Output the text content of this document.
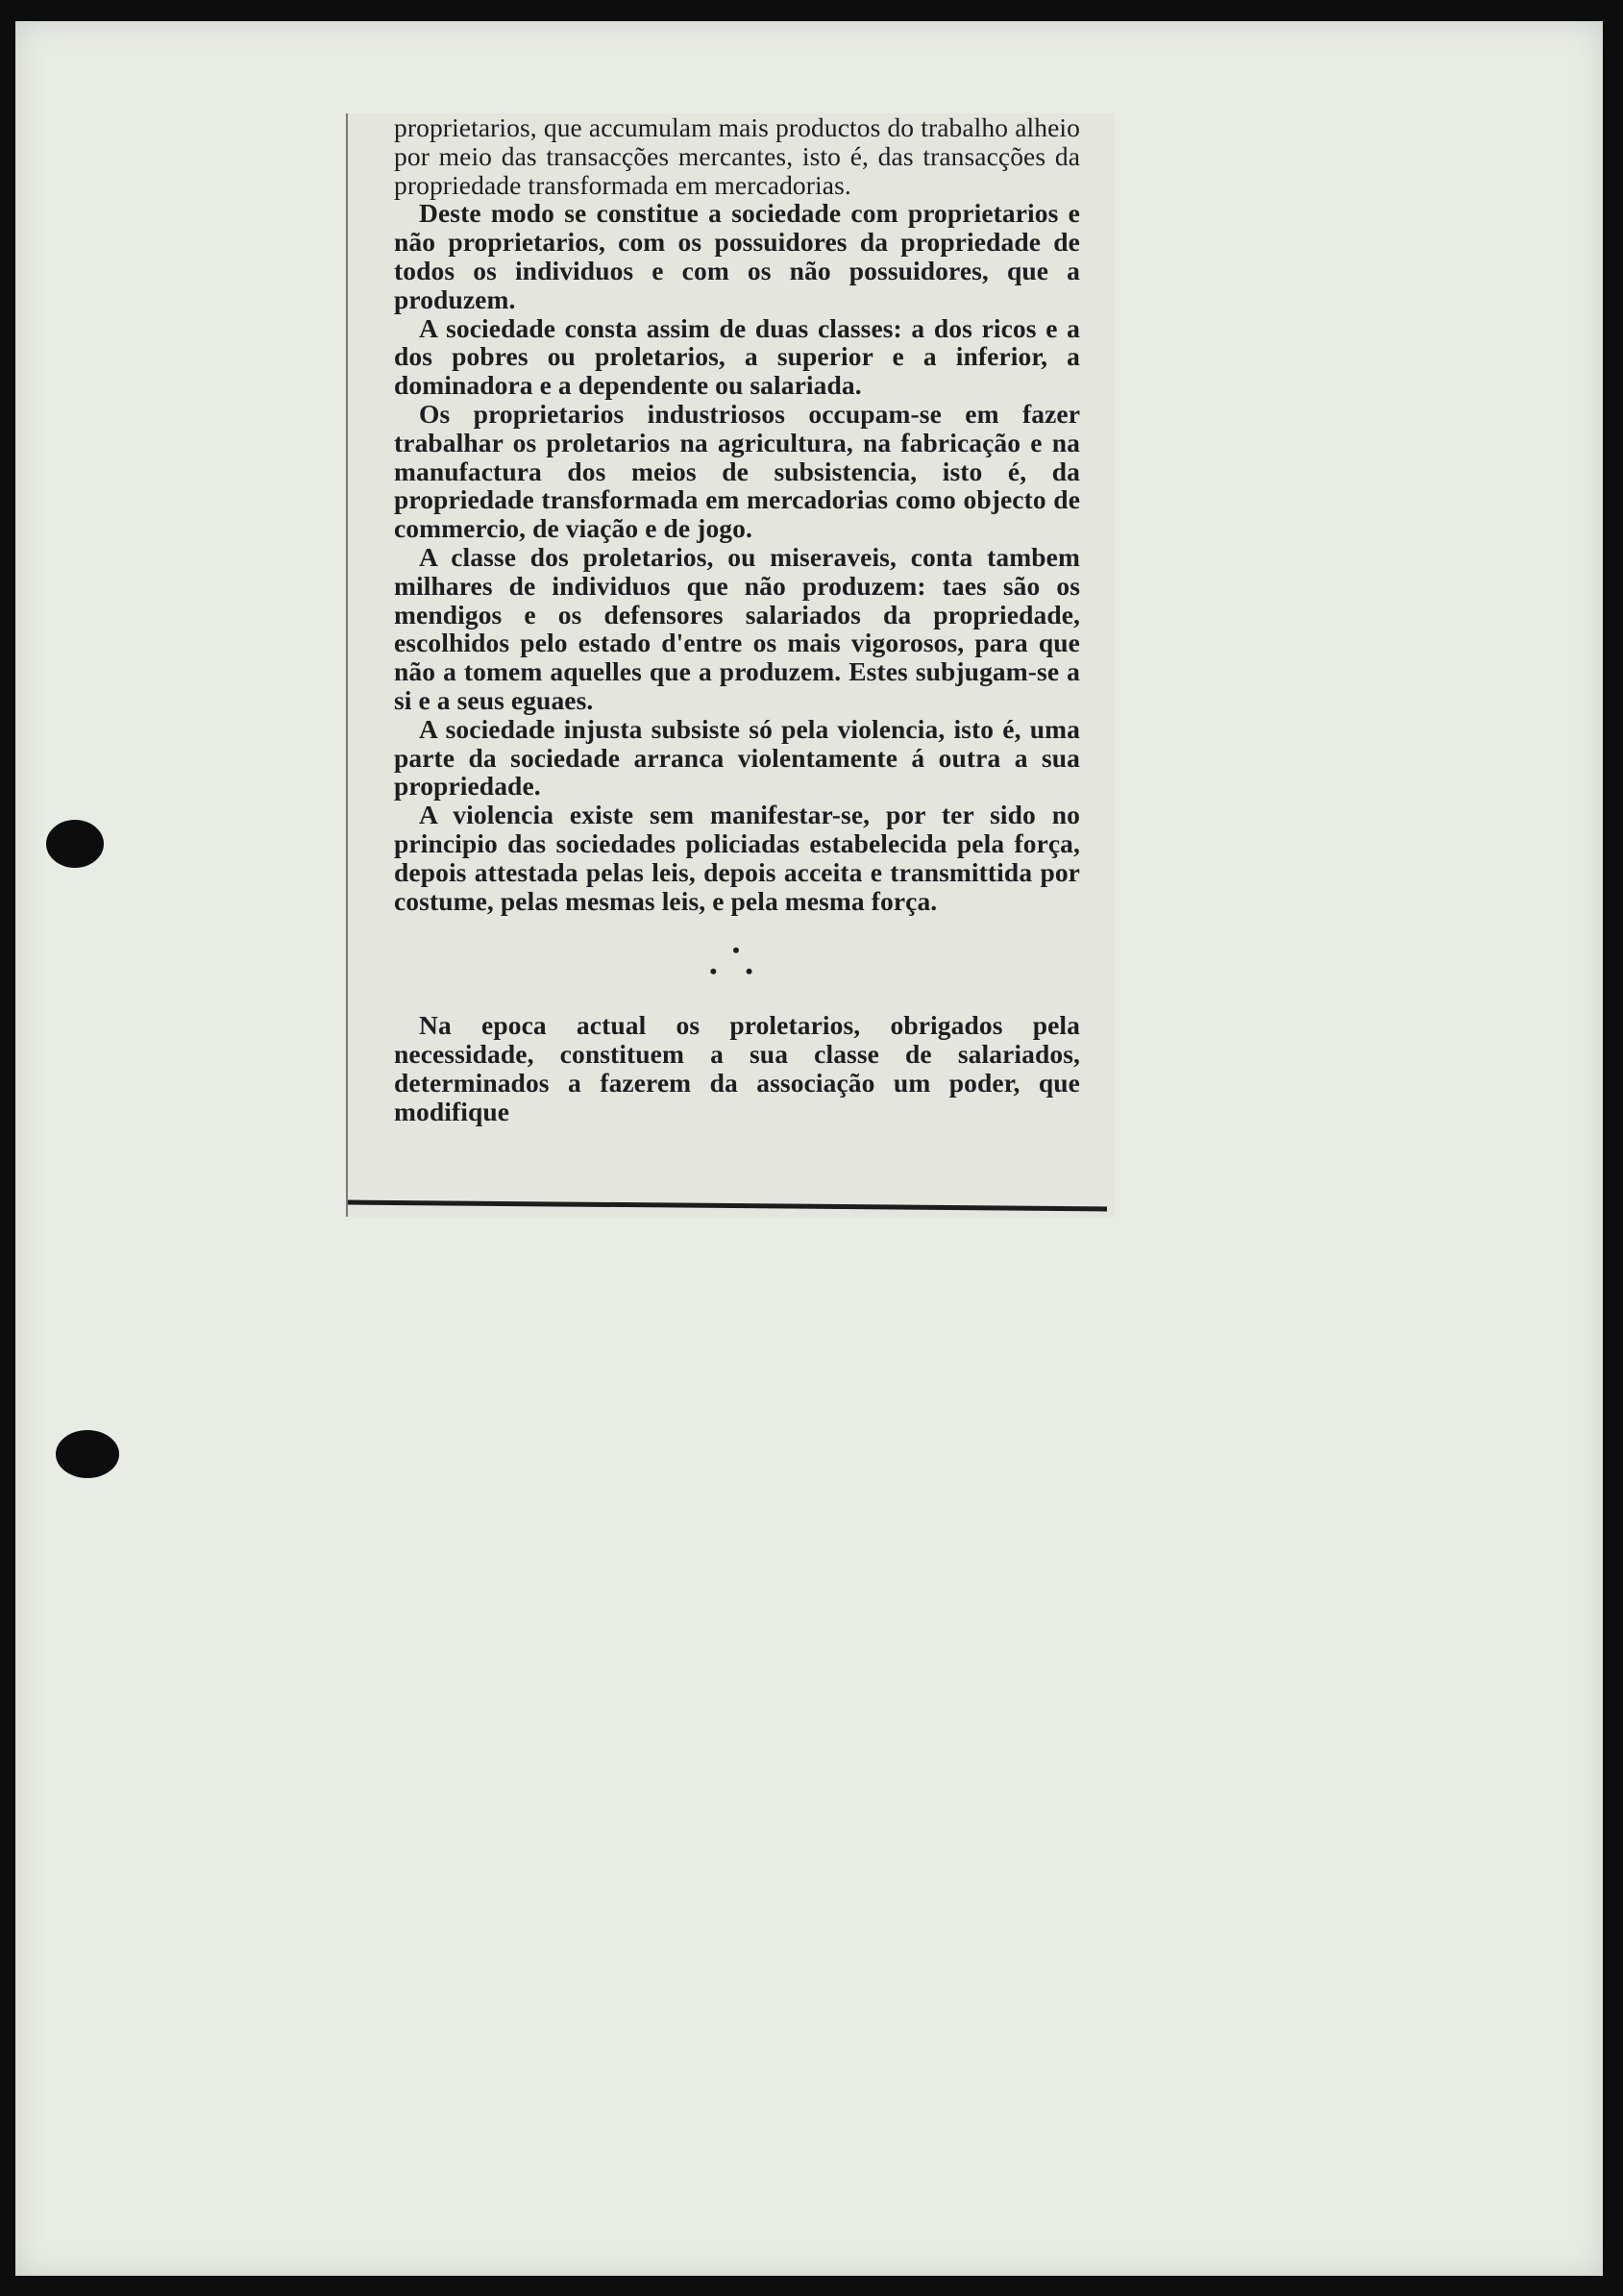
proprietarios, que accumulam mais productos do trabalho alheio por meio das transacções mercantes, isto é, das transacções da propriedade transformada em mercadorias.

Deste modo se constitue a sociedade com proprietarios e não proprietarios, com os possuidores da propriedade de todos os individuos e com os não possuidores, que a produzem.

A sociedade consta assim de duas classes: a dos ricos e a dos pobres ou proletarios, a superior e a inferior, a dominadora e a dependente ou salariada.

Os proprietarios industriosos occupam-se em fazer trabalhar os proletarios na agricultura, na fabricação e na manufactura dos meios de subsistencia, isto é, da propriedade transformada em mercadorias como objecto de commercio, de viação e de jogo.

A classe dos proletarios, ou miseraveis, conta tambem milhares de individuos que não produzem: taes são os mendigos e os defensores salariados da propriedade, escolhidos pelo estado d'entre os mais vigorosos, para que não a tomem aquelles que a produzem. Estes subjugam-se a si e a seus eguaes.

A sociedade injusta subsiste só pela violencia, isto é, uma parte da sociedade arranca violentamente á outra a sua propriedade.

A violencia existe sem manifestar-se, por ter sido no principio das sociedades policiadas estabelecida pela força, depois attestada pelas leis, depois acceita e transmittida por costume, pelas mesmas leis, e pela mesma força.

•
• •

Na epoca actual os proletarios, obrigados pela necessidade, constituem a sua classe de salariados, determinados a fazerem da associação um poder, que modifique
